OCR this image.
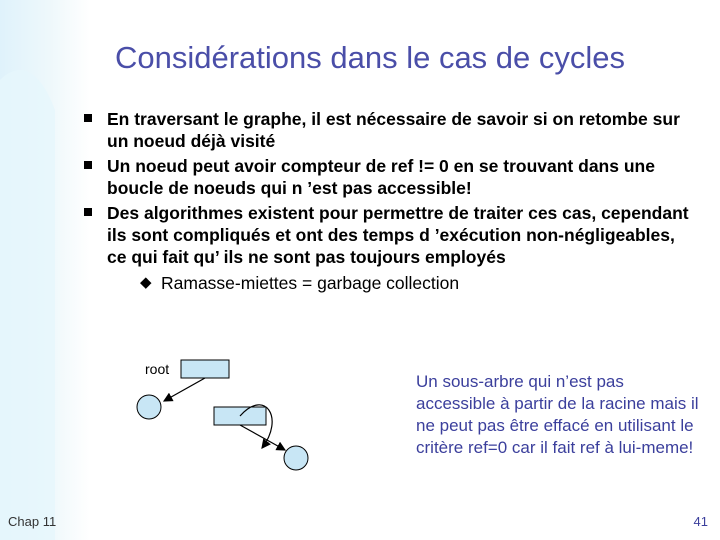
Considérations dans le cas de cycles
En traversant le graphe, il est nécessaire de savoir si on retombe sur un noeud déjà visité
Un noeud peut avoir compteur de ref != 0 en se trouvant dans une boucle de noeuds qui n ’est pas accessible!
Des algorithmes existent pour permettre de traiter ces cas, cependant ils sont compliqués et ont des temps d ’exécution non-négligeables, ce qui fait qu’ ils ne sont pas toujours employés
◆ Ramasse-miettes = garbage collection
root
Un sous-arbre qui n’est pas accessible à partir de la racine mais il ne peut pas être effacé en utilisant le critère ref=0 car il fait ref à lui-meme!
Chap 11	41
